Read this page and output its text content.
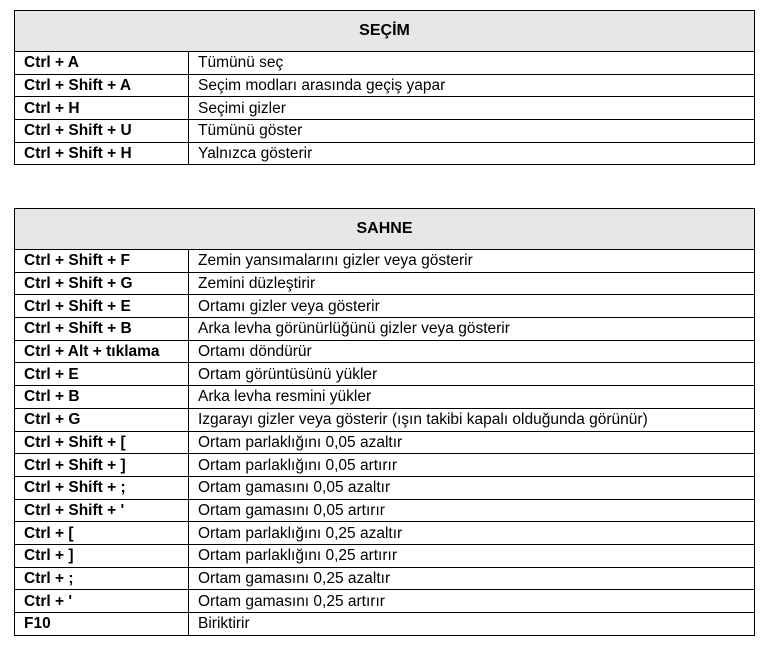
SEÇİM	
Ctrl + A	Tümünü seç
Ctrl + Shift + A	Seçim modları arasında geçiş yapar
Ctrl + H	Seçimi gizler
Ctrl + Shift + U	Tümünü göster
Ctrl + Shift + H	Yalnızca gösterir
SAHNE	
Ctrl + Shift + F	Zemin yansımalarını gizler veya gösterir
Ctrl + Shift + G	Zemini düzleştirir
Ctrl + Shift + E	Ortamı gizler veya gösterir
Ctrl + Shift + B	Arka levha görünürlüğünü gizler veya gösterir
Ctrl + Alt + tıklama	Ortamı döndürür
Ctrl + E	Ortam görüntüsünü yükler
Ctrl + B	Arka levha resmini yükler
Ctrl + G	Izgarayı gizler veya gösterir (ışın takibi kapalı olduğunda görünür)
Ctrl + Shift + [	Ortam parlaklığını 0,05 azaltır
Ctrl + Shift + ]	Ortam parlaklığını 0,05 artırır
Ctrl + Shift + ;	Ortam gamasını 0,05 azaltır
Ctrl + Shift + '	Ortam gamasını 0,05 artırır
Ctrl + [	Ortam parlaklığını 0,25 azaltır
Ctrl + ]	Ortam parlaklığını 0,25 artırır
Ctrl + ;	Ortam gamasını 0,25 azaltır
Ctrl + '	Ortam gamasını 0,25 artırır
F10	Biriktirir
